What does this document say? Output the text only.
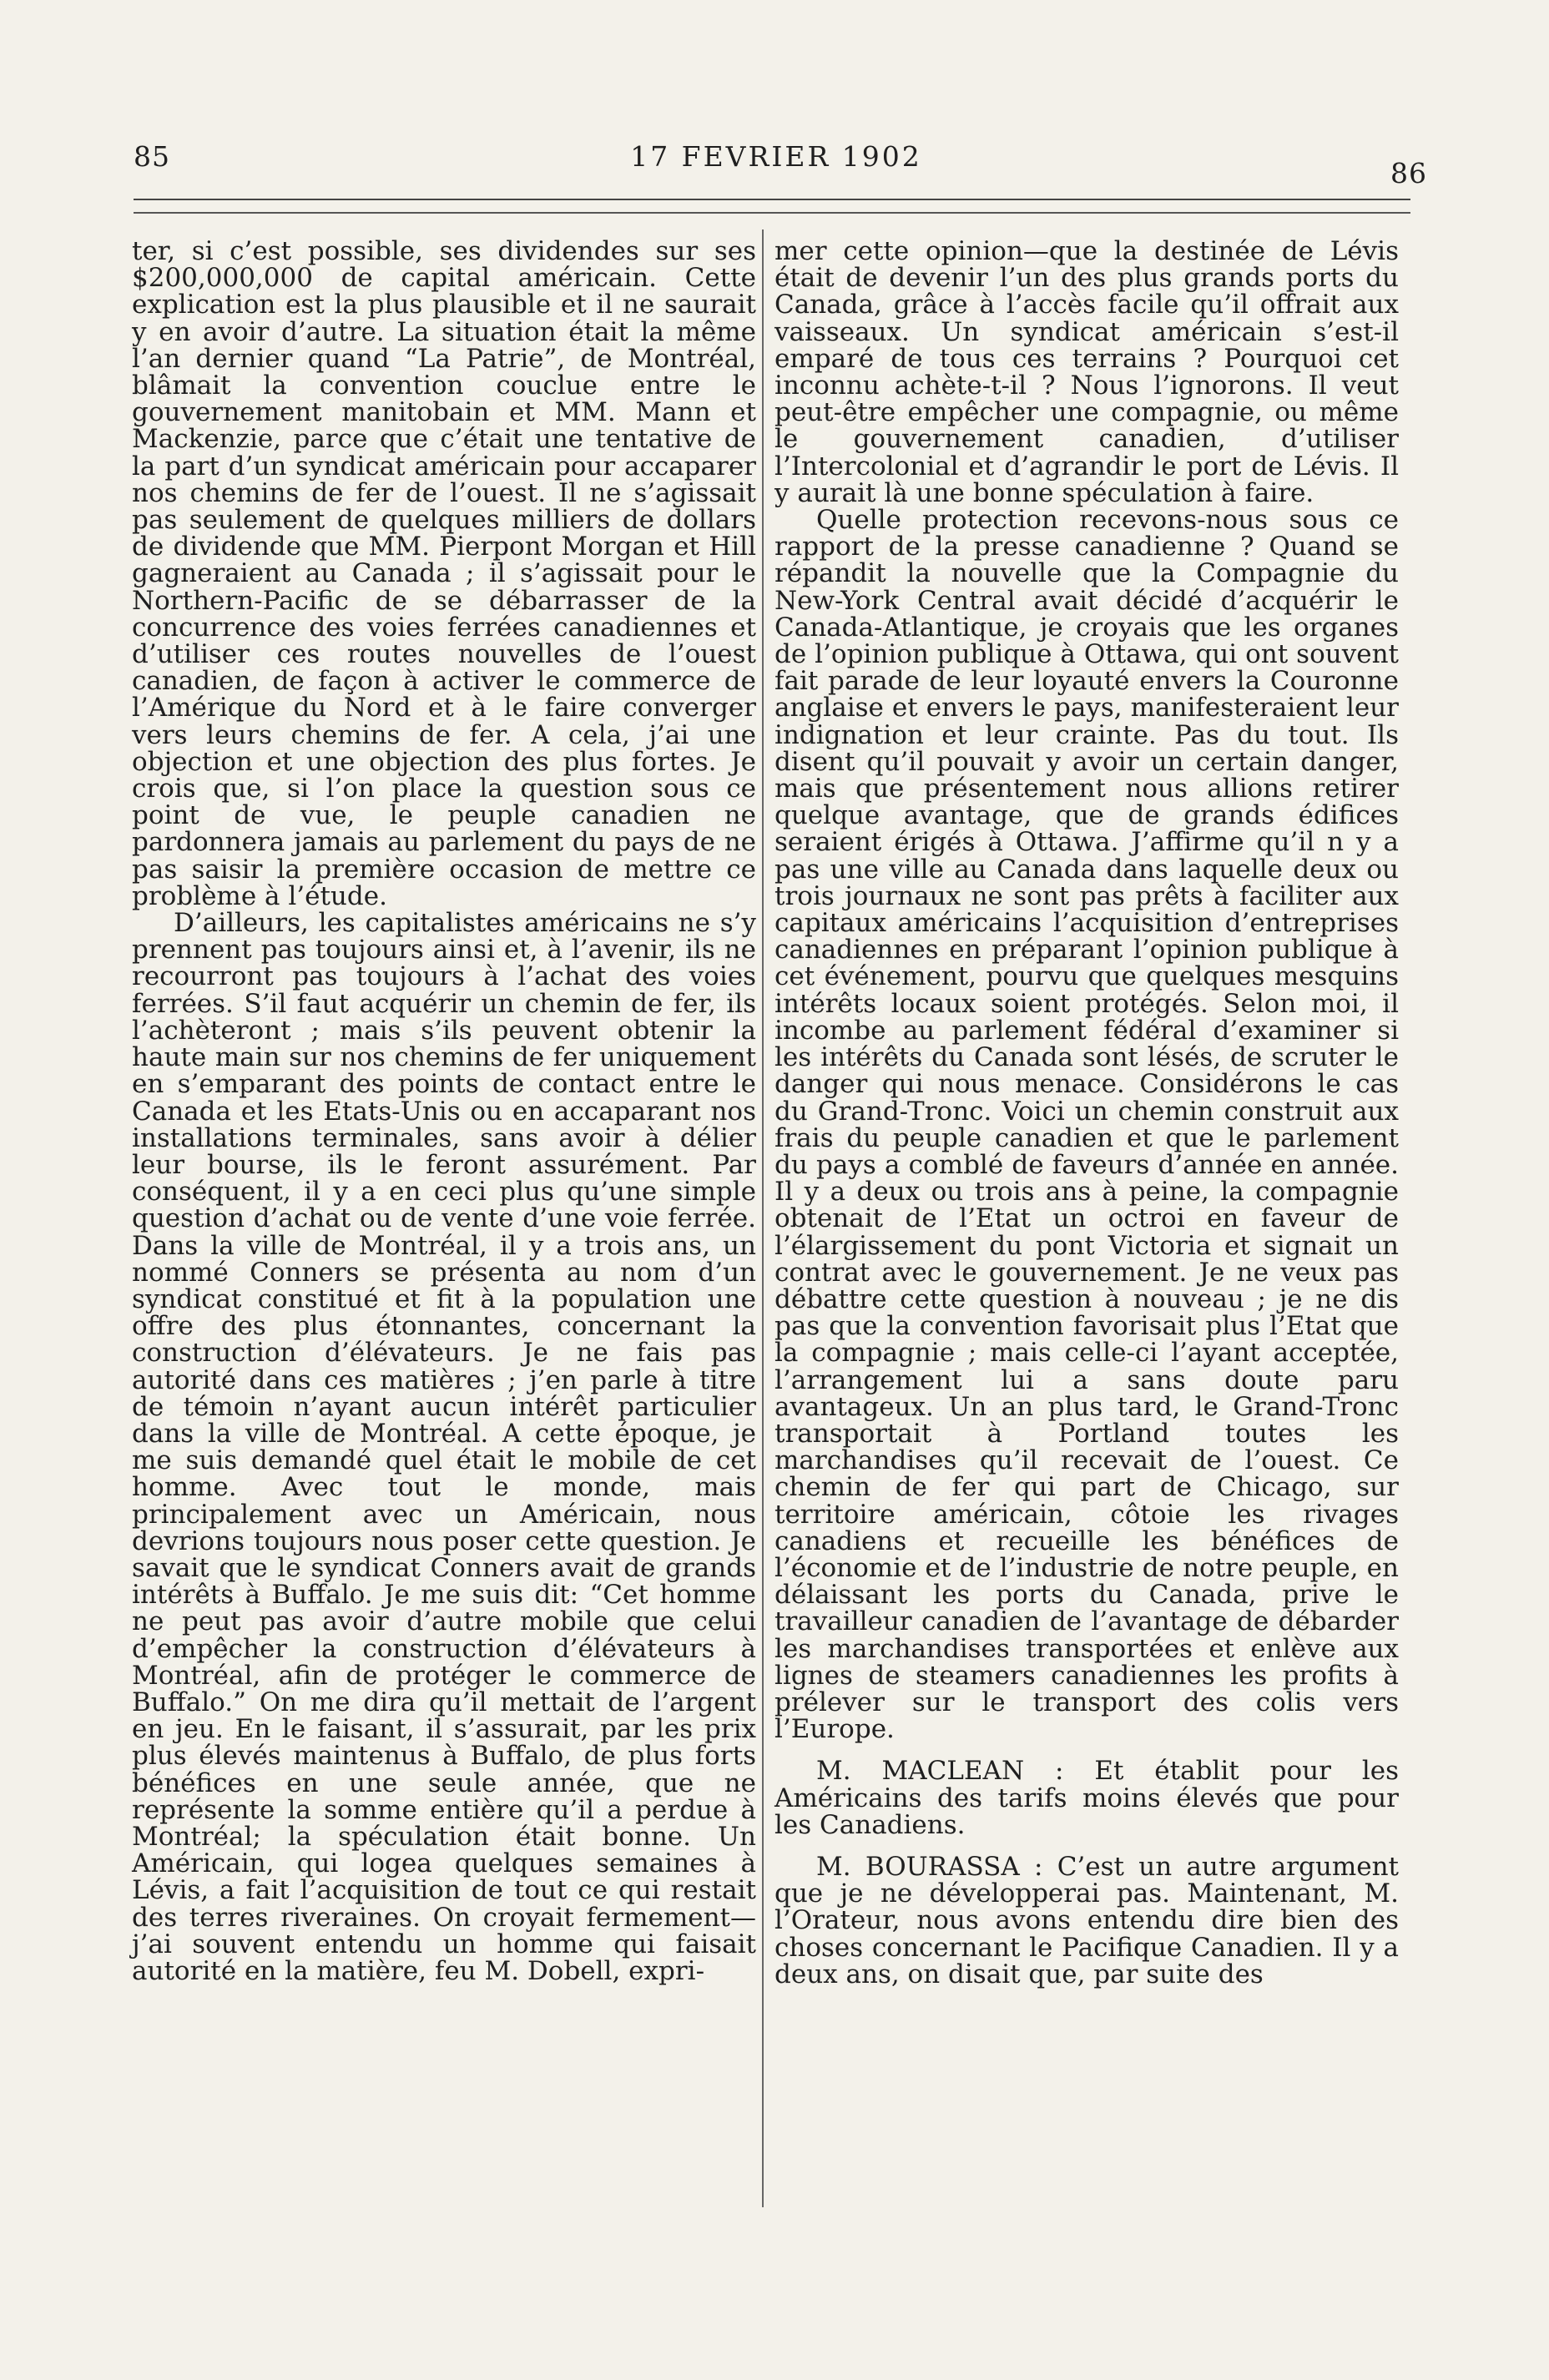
85	17 FEVRIER 1902
86

ter, si c’est possible, ses dividendes sur ses $200,000,000 de capital américain. Cette explication est la plus plausible et il ne saurait y en avoir d’autre. La situation était la même l’an dernier quand “La Patrie”, de Montréal, blâmait la convention couclue entre le gouvernement manitobain et MM. Mann et Mackenzie, parce que c’était une tentative de la part d’un syndicat américain pour accaparer nos chemins de fer de l’ouest. Il ne s’agissait pas seulement de quelques milliers de dollars de dividende que MM. Pierpont Morgan et Hill gagneraient au Canada ; il s’agissait pour le Northern-Pacific de se débarrasser de la concurrence des voies ferrées canadiennes et d’utiliser ces routes nouvelles de l’ouest canadien, de façon à activer le commerce de l’Amérique du Nord et à le faire converger vers leurs chemins de fer. A cela, j’ai une objection et une objection des plus fortes. Je crois que, si l’on place la question sous ce point de vue, le peuple canadien ne pardonnera jamais au parlement du pays de ne pas saisir la première occasion de mettre ce problème à l’étude.

D’ailleurs, les capitalistes américains ne s’y prennent pas toujours ainsi et, à l’avenir, ils ne recourront pas toujours à l’achat des voies ferrées. S’il faut acquérir un chemin de fer, ils l’achèteront ; mais s’ils peuvent obtenir la haute main sur nos chemins de fer uniquement en s’emparant des points de contact entre le Canada et les Etats-Unis ou en accaparant nos installations terminales, sans avoir à délier leur bourse, ils le feront assurément. Par conséquent, il y a en ceci plus qu’une simple question d’achat ou de vente d’une voie ferrée. Dans la ville de Montréal, il y a trois ans, un nommé Conners se présenta au nom d’un syndicat constitué et fit à la population une offre des plus étonnantes, concernant la construction d’élévateurs. Je ne fais pas autorité dans ces matières ; j’en parle à titre de témoin n’ayant aucun intérêt particulier dans la ville de Montréal. A cette époque, je me suis demandé quel était le mobile de cet homme. Avec tout le monde, mais principalement avec un Américain, nous devrions toujours nous poser cette question. Je savait que le syndicat Conners avait de grands intérêts à Buffalo. Je me suis dit: “Cet homme ne peut pas avoir d’autre mobile que celui d’empêcher la construction d’élévateurs à Montréal, afin de protéger le commerce de Buffalo.” On me dira qu’il mettait de l’argent en jeu. En le faisant, il s’assurait, par les prix plus élevés maintenus à Buffalo, de plus forts bénéfices en une seule année, que ne représente la somme entière qu’il a perdue à Montréal; la spéculation était bonne. Un Américain, qui logea quelques semaines à Lévis, a fait l’acquisition de tout ce qui restait des terres riveraines. On croyait fermement—j’ai souvent entendu un homme qui faisait autorité en la matière, feu M. Dobell, expri-

mer cette opinion—que la destinée de Lévis était de devenir l’un des plus grands ports du Canada, grâce à l’accès facile qu’il offrait aux vaisseaux. Un syndicat américain s’est-il emparé de tous ces terrains ? Pourquoi cet inconnu achète-t-il ? Nous l’ignorons. Il veut peut-être empêcher une compagnie, ou même le gouvernement canadien, d’utiliser l’Intercolonial et d’agrandir le port de Lévis. Il y aurait là une bonne spéculation à faire.

Quelle protection recevons-nous sous ce rapport de la presse canadienne ? Quand se répandit la nouvelle que la Compagnie du New-York Central avait décidé d’acquérir le Canada-Atlantique, je croyais que les organes de l’opinion publique à Ottawa, qui ont souvent fait parade de leur loyauté envers la Couronne anglaise et envers le pays, manifesteraient leur indignation et leur crainte. Pas du tout. Ils disent qu’il pouvait y avoir un certain danger, mais que présentement nous allions retirer quelque avantage, que de grands édifices seraient érigés à Ottawa. J’affirme qu’il n y a pas une ville au Canada dans laquelle deux ou trois journaux ne sont pas prêts à faciliter aux capitaux américains l’acquisition d’entreprises canadiennes en préparant l’opinion publique à cet événement, pourvu que quelques mesquins intérêts locaux soient protégés. Selon moi, il incombe au parlement fédéral d’examiner si les intérêts du Canada sont lésés, de scruter le danger qui nous menace. Considérons le cas du Grand-Tronc. Voici un chemin construit aux frais du peuple canadien et que le parlement du pays a comblé de faveurs d’année en année. Il y a deux ou trois ans à peine, la compagnie obtenait de l’Etat un octroi en faveur de l’élargissement du pont Victoria et signait un contrat avec le gouvernement. Je ne veux pas débattre cette question à nouveau ; je ne dis pas que la convention favorisait plus l’Etat que la compagnie ; mais celle-ci l’ayant acceptée, l’arrangement lui a sans doute paru avantageux. Un an plus tard, le Grand-Tronc transportait à Portland toutes les marchandises qu’il recevait de l’ouest. Ce chemin de fer qui part de Chicago, sur territoire américain, côtoie les rivages canadiens et recueille les bénéfices de l’économie et de l’industrie de notre peuple, en délaissant les ports du Canada, prive le travailleur canadien de l’avantage de débarder les marchandises transportées et enlève aux lignes de steamers canadiennes les profits à prélever sur le transport des colis vers l’Europe.

M. MACLEAN : Et établit pour les Américains des tarifs moins élevés que pour les Canadiens.

M. BOURASSA : C’est un autre argument que je ne développerai pas. Maintenant, M. l’Orateur, nous avons entendu dire bien des choses concernant le Pacifique Canadien. Il y a deux ans, on disait que, par suite des
